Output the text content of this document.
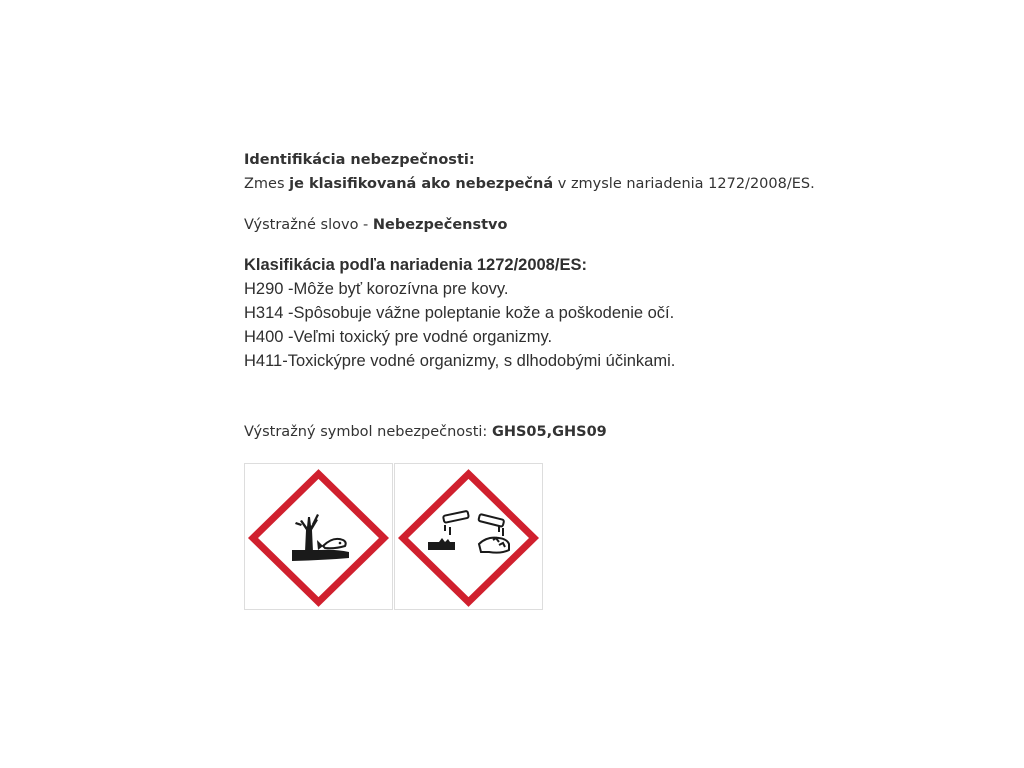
Identifikácia nebezpečnosti:
Zmes je klasifikovaná ako nebezpečná v zmysle nariadenia 1272/2008/ES.
Výstražné slovo - Nebezpečenstvo
Klasifikácia podľa nariadenia 1272/2008/ES:
H290 -Môže byť korozívna pre kovy.
H314 -Spôsobuje vážne poleptanie kože a poškodenie očí.
H400 -Veľmi toxický pre vodné organizmy.
H411-Toxickýpre vodné organizmy, s dlhodobými účinkami.
Výstražný symbol nebezpečnosti: GHS05,GHS09
